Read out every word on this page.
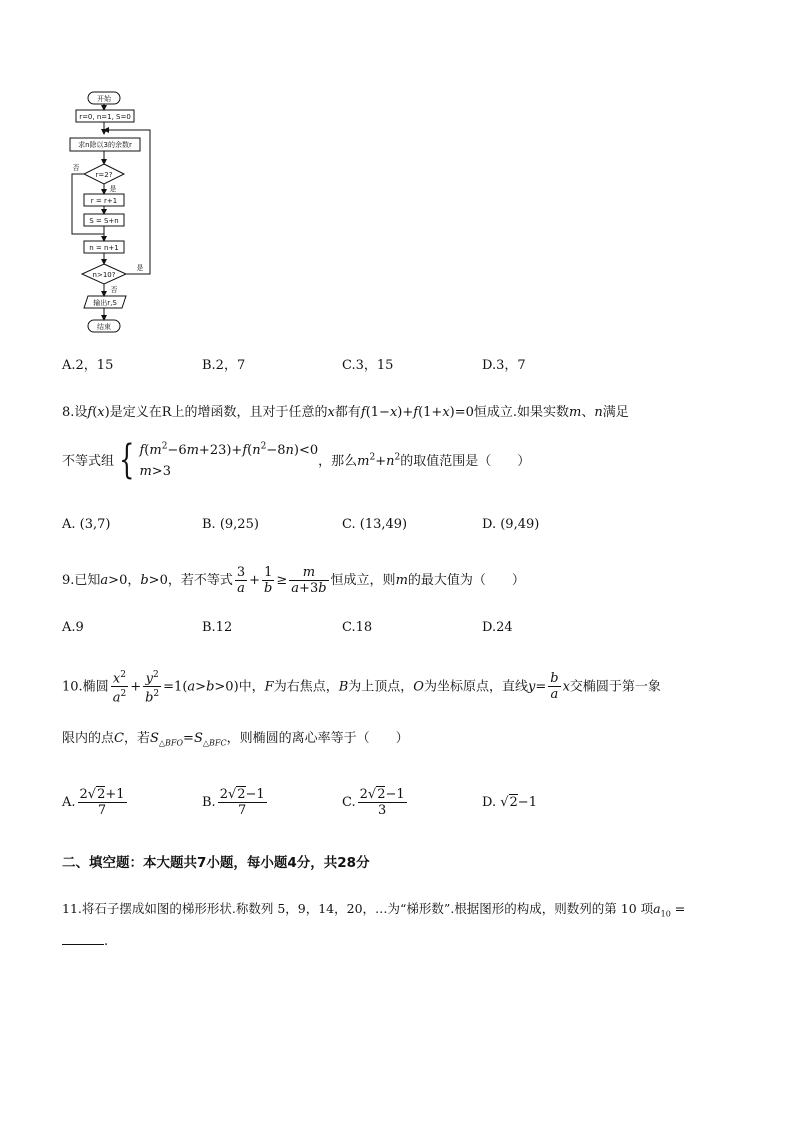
开始
r=0, n=1, S=0
求n除以3的余数r
r=2?
是
否
r = r+1
S = S+n
n = n+1
n>10?
是
否
输出r,S
结束
A.2，15	B.2，7	C.3，15	D.3，7
8.设f(x)是定义在R上的增函数，且对于任意的x都有f(1−x)+f(1+x)=0恒成立.如果实数m、n满足
不等式组 { $f(m^2-6m+23)+f(n^2-8n)<0$
m>3，那么$m^2+n^2$的取值范围是（　　）
A. (3,7)	B. (9,25)	C. (13,49)	D. (9,49)
9.已知a>0，b>0，若不等式 $\frac{3}{a} + \frac{1}{b} \ge \frac{m}{a+3b}$ 恒成立，则m的最大值为（　　）
A.9	B.12	C.18	D.24
10.椭圆 $\frac{x^2}{a^2} + \frac{y^2}{b^2} =1(a>b>0)$中，F为右焦点，B为上顶点，O为坐标原点，直线$y= \frac{b}{a}$ x交椭圆于第一象
限内的点C，若$S_{\triangle BFO}=S_{\triangle BFC}$，则椭圆的离心率等于（　　）
A. $\frac{2√2+1}{7}$	B. $\frac{2√2-1}{7}$	C. $\frac{2√2-1}{3}$	D. √2−1
二、填空题：本大题共7小题，每小题4分，共28分
11.将石子摆成如图的梯形形状.称数列 5，9，14，20，…为“梯形数”.根据图形的构成，则数列的第 10 项$a_{10}$ =
.
